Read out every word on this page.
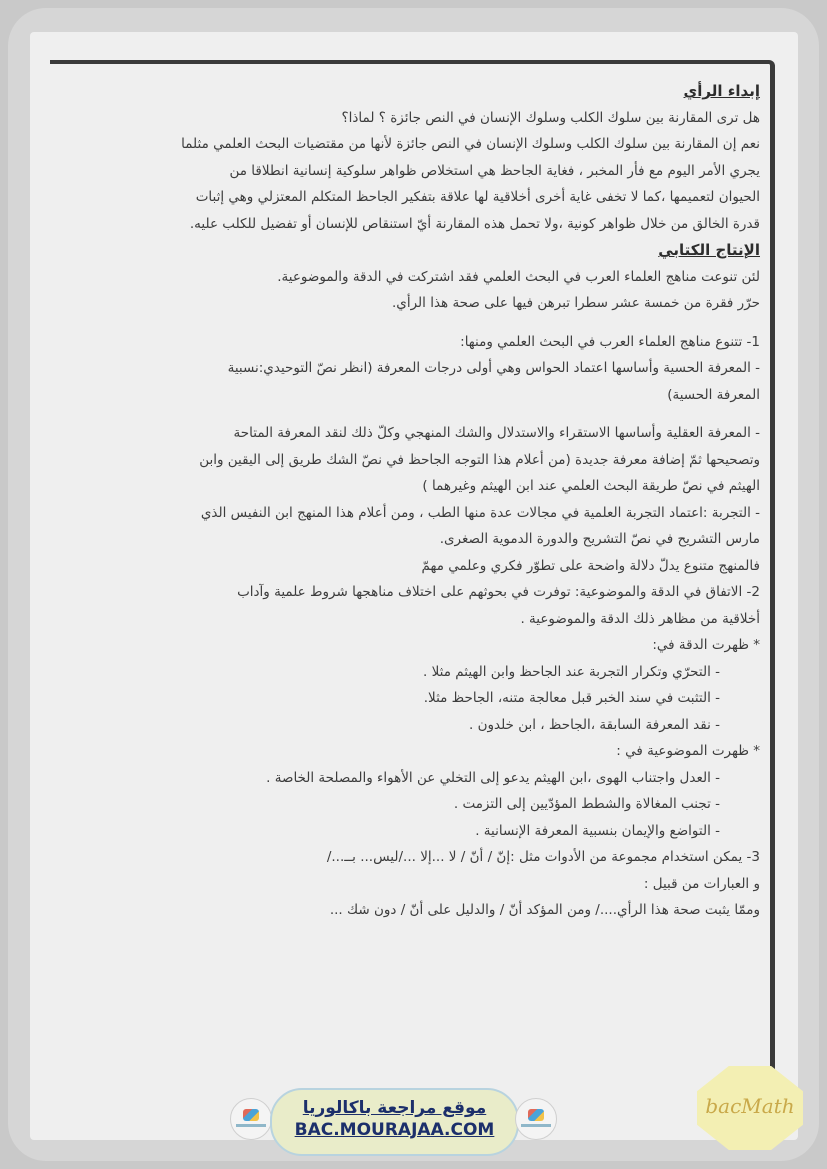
إبداء الرأي
هل ترى المقارنة بين سلوك الكلب وسلوك الإنسان في النص جائزة ؟ لماذا؟
نعم إن المقارنة بين سلوك الكلب وسلوك الإنسان في النص جائزة لأنها من مقتضيات البحث العلمي مثلما
يجري الأمر اليوم مع فأر المخبر ، فغاية الجاحظ هي استخلاص ظواهر سلوكية إنسانية انطلاقا من
الحيوان لتعميمها ،كما لا تخفى غاية أخرى أخلاقية لها علاقة بتفكير الجاحظ المتكلم المعتزلي وهي إثبات
قدرة الخالق من خلال ظواهر كونية ،ولا تحمل هذه المقارنة أيّ استنقاص للإنسان أو تفضيل للكلب عليه.
الإنتاج الكتابي
لئن تنوعت مناهج العلماء العرب في البحث العلمي فقد اشتركت في الدقة والموضوعية.
حرّر فقرة من خمسة عشر سطرا تبرهن فيها على صحة هذا الرأي.
1- تتنوع مناهج العلماء العرب في البحث العلمي ومنها:
- المعرفة الحسية وأساسها اعتماد الحواس وهي أولى درجات المعرفة (انظر نصّ التوحيدي:نسبية
المعرفة الحسية)
- المعرفة العقلية وأساسها الاستقراء والاستدلال والشك المنهجي وكلّ ذلك لنقد المعرفة المتاحة
وتصحيحها ثمّ إضافة معرفة جديدة (من أعلام هذا التوجه الجاحظ في نصّ الشك طريق إلى اليقين وابن
الهيثم في نصّ طريقة البحث العلمي عند ابن الهيثم وغيرهما )
- التجربة :اعتماد التجربة العلمية في مجالات عدة منها الطب ، ومن أعلام هذا المنهج ابن النفيس الذي
مارس التشريح في نصّ التشريح والدورة الدموية الصغرى.
فالمنهج متنوع يدلّ دلالة واضحة على تطوّر فكري وعلمي مهمّ
2- الاتفاق في الدقة والموضوعية: توفرت في بحوثهم على اختلاف مناهجها شروط علمية وآداب
أخلاقية من مظاهر ذلك الدقة والموضوعية .
* ظهرت الدقة في:
- التحرّي وتكرار التجربة عند الجاحظ وابن الهيثم مثلا .
- التثبت في سند الخبر قبل معالجة متنه، الجاحظ مثلا.
- نقد المعرفة السابقة ،الجاحظ ، ابن خلدون .
* ظهرت الموضوعية في :
- العدل واجتناب الهوى ،ابن الهيثم يدعو إلى التخلي عن الأهواء والمصلحة الخاصة .
- تجنب المغالاة والشطط المؤدّيين إلى التزمت .
- التواضع والإيمان بنسبية المعرفة الإنسانية .
3- يمكن استخدام مجموعة من الأدوات مثل :إنّ / أنّ / لا ...إلا .../ليس... بــ.../
و العبارات من قبيل :
وممّا يثبت صحة هذا الرأي..../ ومن المؤكد أنّ / والدليل على أنّ / دون شك ...
موقع مراجعة باكالوريا
BAC.MOURAJAA.COM
bacMath
